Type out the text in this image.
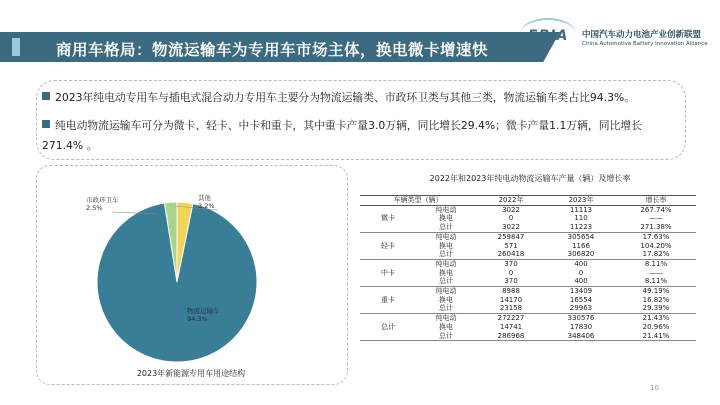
商用车格局：物流运输车为专用车市场主体，换电微卡增速快
EBIA 中国汽车动力电池产业创新联盟
China Automotive Battery Innovation Alliance
2023年纯电动专用车与插电式混合动力专用车主要分为物流运输类、市政环卫类与其他三类，物流运输车类占比94.3%。
纯电动物流运输车可分为微卡、轻卡、中卡和重卡，其中重卡产量3.0万辆，同比增长29.4%；微卡产量1.1万辆，同比增长271.4% 。
市政环卫车
2.5%
其他
3.2%
物流运输车
94.3%
2023年新能源专用车用途结构
2022年和2023年纯电动物流运输车产量（辆）及增长率
车辆类型（辆）		2022年	2023年	增长率
微卡	纯电动	3022	11113	267.74%
	换电	0	110	——
	总计	3022	11223	271.38%
轻卡	纯电动	259847	305654	17.63%
	换电	571	1166	104.20%
	总计	260418	306820	17.82%
中卡	纯电动	370	400	8.11%
	换电	0	0	——
	总计	370	400	8.11%
重卡	纯电动	8988	13409	49.19%
	换电	14170	16554	16.82%
	总计	23158	29963	29.39%
总计	纯电动	272227	330576	21.43%
	换电	14741	17830	20.96%
	总计	286968	348406	21.41%
10
